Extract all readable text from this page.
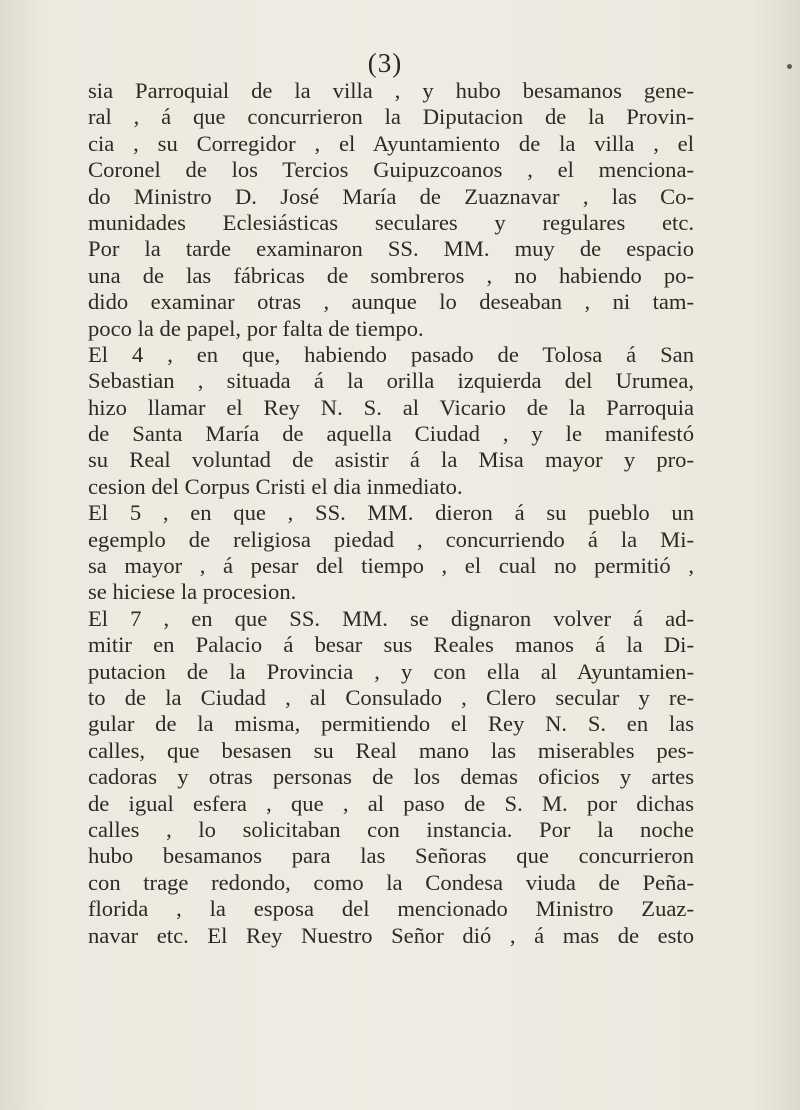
(3)
sia Parroquial de la villa , y hubo besamanos gene-
ral , á que concurrieron la Diputacion de la Provin-
cia , su Corregidor , el Ayuntamiento de la villa , el
Coronel de los Tercios Guipuzcoanos , el menciona-
do Ministro D. José María de Zuaznavar , las Co-
munidades Eclesiásticas seculares y regulares etc.
Por la tarde examinaron SS. MM. muy de espacio
una de las fábricas de sombreros , no habiendo po-
dido examinar otras , aunque lo deseaban , ni tam-
poco la de papel, por falta de tiempo.
El 4 , en que, habiendo pasado de Tolosa á San
Sebastian , situada á la orilla izquierda del Urumea,
hizo llamar el Rey N. S. al Vicario de la Parroquia
de Santa María de aquella Ciudad , y le manifestó
su Real voluntad de asistir á la Misa mayor y pro-
cesion del Corpus Cristi el dia inmediato.
El 5 , en que , SS. MM. dieron á su pueblo un
egemplo de religiosa piedad , concurriendo á la Mi-
sa mayor , á pesar del tiempo , el cual no permitió ,
se hiciese la procesion.
El 7 , en que SS. MM. se dignaron volver á ad-
mitir en Palacio á besar sus Reales manos á la Di-
putacion de la Provincia , y con ella al Ayuntamien-
to de la Ciudad , al Consulado , Clero secular y re-
gular de la misma, permitiendo el Rey N. S. en las
calles, que besasen su Real mano las miserables pes-
cadoras y otras personas de los demas oficios y artes
de igual esfera , que , al paso de S. M. por dichas
calles , lo solicitaban con instancia. Por la noche
hubo besamanos para las Señoras que concurrieron
con trage redondo, como la Condesa viuda de Peña-
florida , la esposa del mencionado Ministro Zuaz-
navar etc. El Rey Nuestro Señor dió , á mas de esto
